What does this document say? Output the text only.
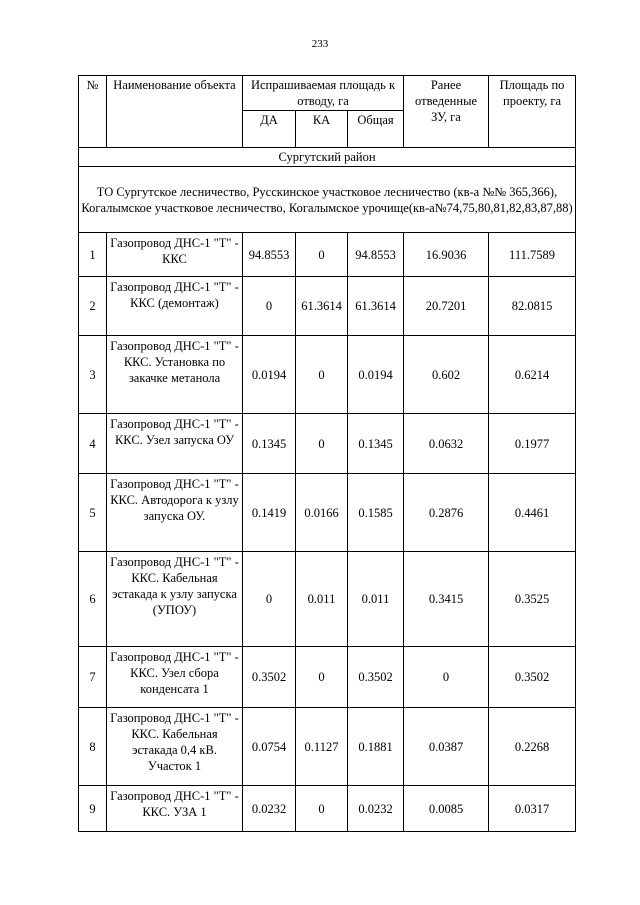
233
№	Наименование объекта	Испрашиваемая площадь к отводу, га			Ранее отведенные ЗУ, га	Площадь по проекту, га
		ДА	КА	Общая		
Сургутский район						
ТО Сургутское лесничество, Русскинское участковое лесничество (кв-а №№ 365,366), Когалымское участковое лесничество, Когалымское урочище(кв-а№74,75,80,81,82,83,87,88)						
1	Газопровод ДНС-1 "Т" - ККС	94.8553	0	94.8553	16.9036	111.7589
2	Газопровод ДНС-1 "Т" - ККС (демонтаж)	0	61.3614	61.3614	20.7201	82.0815
3	Газопровод ДНС-1 "Т" - ККС. Установка по закачке метанола	0.0194	0	0.0194	0.602	0.6214
4	Газопровод ДНС-1 "Т" - ККС. Узел запуска ОУ	0.1345	0	0.1345	0.0632	0.1977
5	Газопровод ДНС-1 "Т" - ККС. Автодорога к узлу запуска ОУ.	0.1419	0.0166	0.1585	0.2876	0.4461
6	Газопровод ДНС-1 "Т" - ККС. Кабельная эстакада к узлу запуска (УПОУ)	0	0.011	0.011	0.3415	0.3525
7	Газопровод ДНС-1 "Т" - ККС. Узел сбора конденсата 1	0.3502	0	0.3502	0	0.3502
8	Газопровод ДНС-1 "Т" - ККС. Кабельная эстакада 0,4 кВ. Участок 1	0.0754	0.1127	0.1881	0.0387	0.2268
9	Газопровод ДНС-1 "Т" - ККС. УЗА 1	0.0232	0	0.0232	0.0085	0.0317
